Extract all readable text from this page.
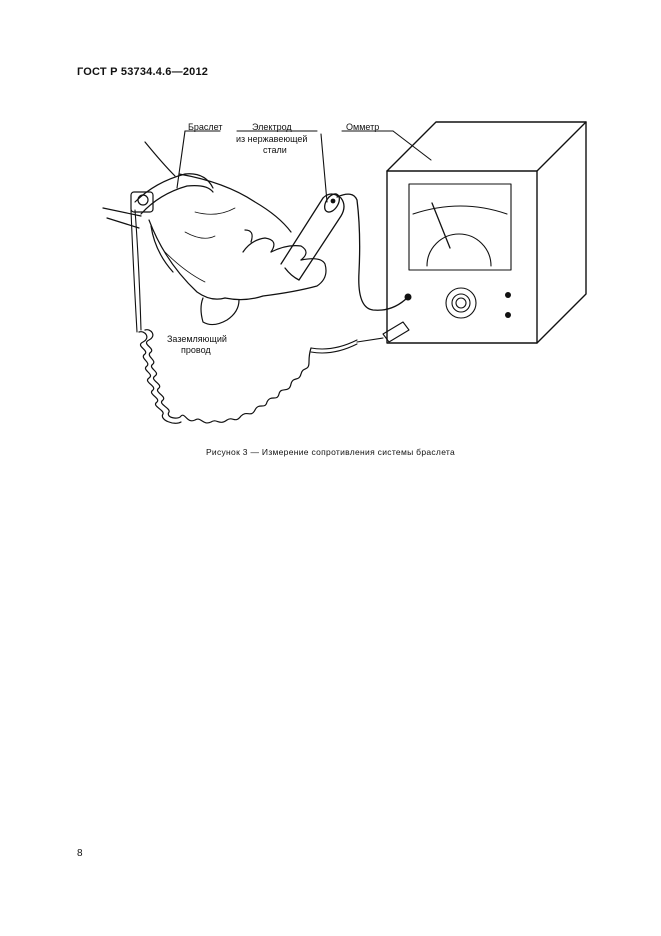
ГОСТ Р 53734.4.6—2012
Браслет	Электрод
из нержавеющей
стали
Омметр
Заземляющий
провод
Рисунок 3 — Измерение сопротивления системы браслета
8
